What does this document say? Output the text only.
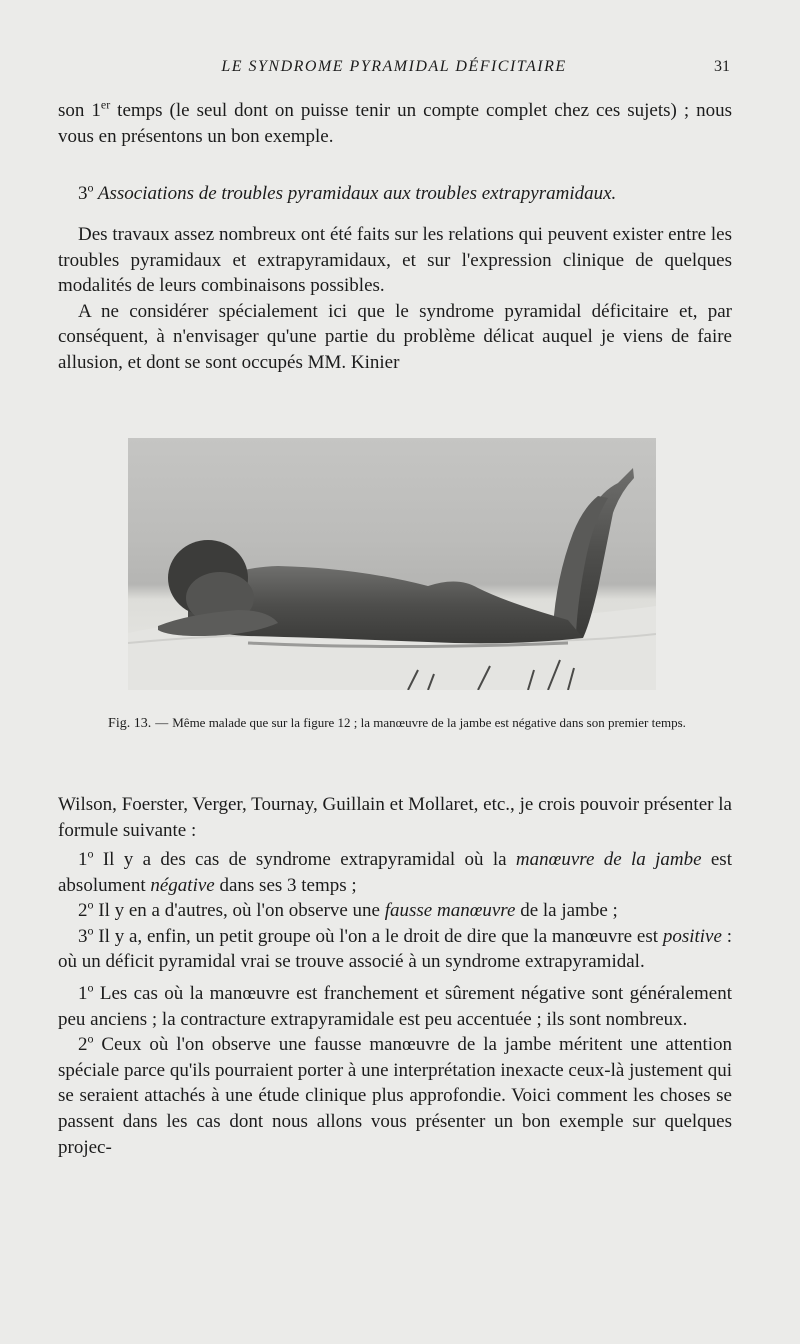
LE SYNDROME PYRAMIDAL DÉFICITAIRE	31

son 1er temps (le seul dont on puisse tenir un compte complet chez ces sujets) ; nous vous en présentons un bon exemple.

3$^o$ Associations de troubles pyramidaux aux troubles extrapyramidaux.

Des travaux assez nombreux ont été faits sur les relations qui peuvent exister entre les troubles pyramidaux et extrapyramidaux, et sur l'expression clinique de quelques modalités de leurs combinaisons possibles.

A ne considérer spécialement ici que le syndrome pyramidal déficitaire et, par conséquent, à n'envisager qu'une partie du problème délicat auquel je viens de faire allusion, et dont se sont occupés MM. Kinier

Fig. 13. — Même malade que sur la figure 12 ; la manœuvre de la jambe est négative dans son premier temps.

Wilson, Foerster, Verger, Tournay, Guillain et Mollaret, etc., je crois pouvoir présenter la formule suivante :

1$^o$ Il y a des cas de syndrome extrapyramidal où la manœuvre de la jambe est absolument négative dans ses 3 temps ;

2$^o$ Il y en a d'autres, où l'on observe une fausse manœuvre de la jambe ;

3$^o$ Il y a, enfin, un petit groupe où l'on a le droit de dire que la manœuvre est positive : où un déficit pyramidal vrai se trouve associé à un syndrome extrapyramidal.

1$^o$ Les cas où la manœuvre est franchement et sûrement négative sont généralement peu anciens ; la contracture extrapyramidale est peu accentuée ; ils sont nombreux.

2$^o$ Ceux où l'on observe une fausse manœuvre de la jambe méritent une attention spéciale parce qu'ils pourraient porter à une interprétation inexacte ceux-là justement qui se seraient attachés à une étude clinique plus approfondie. Voici comment les choses se passent dans les cas dont nous allons vous présenter un bon exemple sur quelques projec-
